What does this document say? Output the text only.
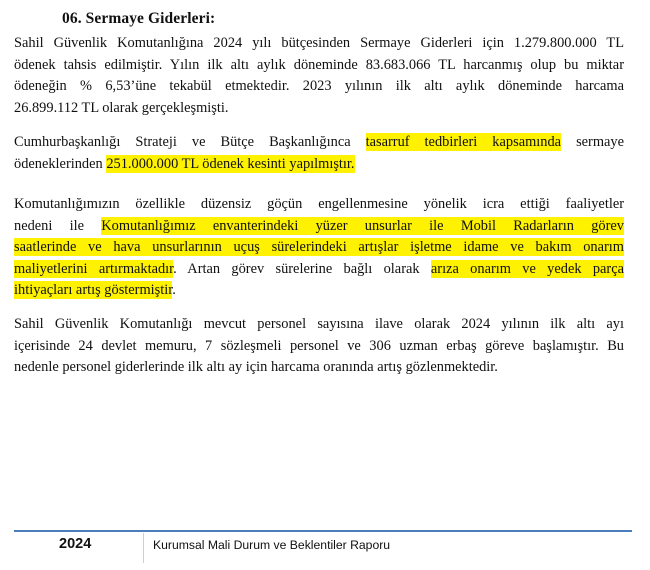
06. Sermaye Giderleri:
Sahil Güvenlik Komutanlığına 2024 yılı bütçesinden Sermaye Giderleri için 1.279.800.000 TL
ödenek tahsis edilmiştir. Yılın ilk altı aylık döneminde 83.683.066 TL harcanmış olup bu miktar
ödeneğin % 6,53’üne tekabül etmektedir. 2023 yılının ilk altı aylık döneminde harcama
26.899.112 TL olarak gerçekleşmişti.
Cumhurbaşkanlığı Strateji ve Bütçe Başkanlığınca tasarruf tedbirleri kapsamında sermaye
ödeneklerinden 251.000.000 TL ödenek kesinti yapılmıştır.
Komutanlığımızın özellikle düzensiz göçün engellenmesine yönelik icra ettiği faaliyetler
nedeni ile Komutanlığımız envanterindeki yüzer unsurlar ile Mobil Radarların görev
saatlerinde ve hava unsurlarının uçuş sürelerindeki artışlar işletme idame ve bakım onarım
maliyetlerini artırmaktadır. Artan görev sürelerine bağlı olarak arıza onarım ve yedek parça
ihtiyaçları artış göstermiştir.
Sahil Güvenlik Komutanlığı mevcut personel sayısına ilave olarak 2024 yılının ilk altı ayı
içerisinde 24 devlet memuru, 7 sözleşmeli personel ve 306 uzman erbaş göreve başlamıştır. Bu
nedenle personel giderlerinde ilk altı ay için harcama oranında artış gözlenmektedir.
2024	Kurumsal Mali Durum ve Beklentiler Raporu
